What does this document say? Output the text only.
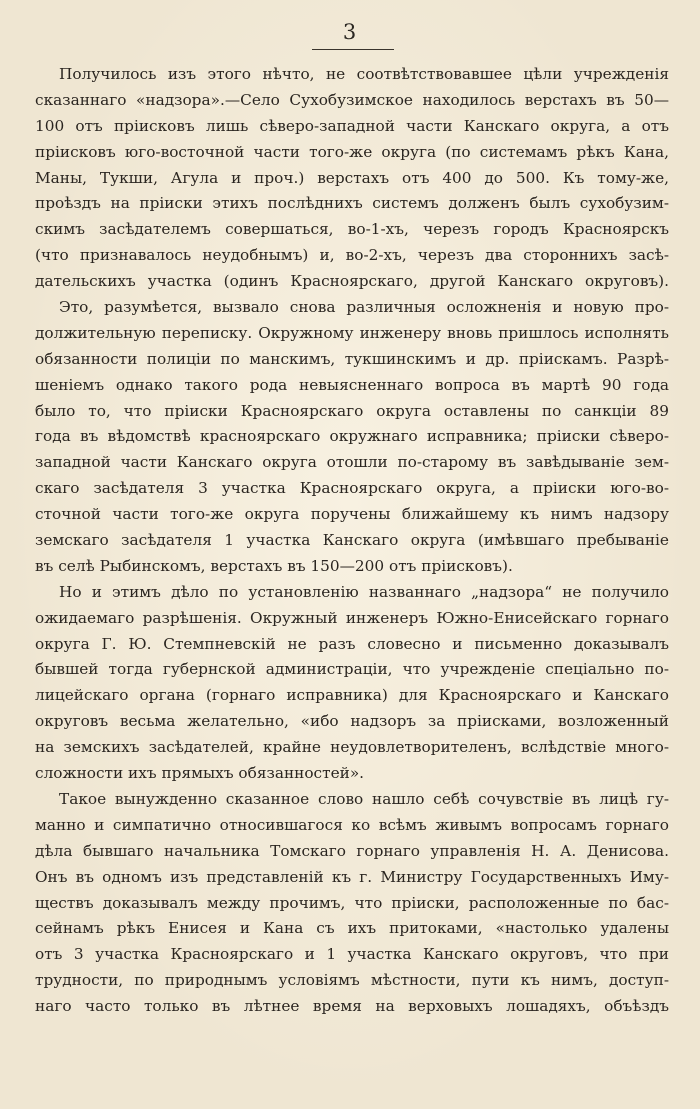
3
Получилось изъ этого нѣчто, не соотвѣтствовавшее цѣли учрежденія
сказаннаго «надзора».—Село Сухобузимское находилось верстахъ въ 50—
100 отъ пріисковъ лишь сѣверо-западной части Канскаго округа, а отъ
пріисковъ юго-восточной части того-же округа (по системамъ рѣкъ Кана,
Маны, Тукши, Агула и проч.) верстахъ отъ 400 до 500. Къ тому-же,
проѣздъ на пріиски этихъ послѣднихъ системъ долженъ былъ сухобузим-
скимъ засѣдателемъ совершаться, во-1-хъ, черезъ городъ Красноярскъ
(что признавалось неудобнымъ) и, во-2-хъ, черезъ два стороннихъ засѣ-
дательскихъ участка (одинъ Красноярскаго, другой Канскаго округовъ).
Это, разумѣется, вызвало снова различныя осложненія и новую про-
должительную переписку. Окружному инженеру вновь пришлось исполнять
обязанности полиціи по манскимъ, тукшинскимъ и др. пріискамъ. Разрѣ-
шеніемъ однако такого рода невыясненнаго вопроса въ мартѣ 90 года
было то, что пріиски Красноярскаго округа оставлены по санкціи 89
года въ вѣдомствѣ красноярскаго окружнаго исправника; пріиски сѣверо-
западной части Канскаго округа отошли по-старому въ завѣдываніе зем-
скаго засѣдателя 3 участка Красноярскаго округа, а пріиски юго-во-
сточной части того-же округа поручены ближайшему къ нимъ надзору
земскаго засѣдателя 1 участка Канскаго округа (имѣвшаго пребываніе
въ селѣ Рыбинскомъ, верстахъ въ 150—200 отъ пріисковъ).
Но и этимъ дѣло по установленію названнаго „надзора“ не получило
ожидаемаго разрѣшенія. Окружный инженеръ Южно-Енисейскаго горнаго
округа Г. Ю. Стемпневскій не разъ словесно и письменно доказывалъ
бывшей тогда губернской администраціи, что учрежденіе спеціально по-
лицейскаго органа (горнаго исправника) для Красноярскаго и Канскаго
округовъ весьма желательно, «ибо надзоръ за пріисками, возложенный
на земскихъ засѣдателей, крайне неудовлетворителенъ, вслѣдствіе много-
сложности ихъ прямыхъ обязанностей».
Такое вынужденно сказанное слово нашло себѣ сочувствіе въ лицѣ гу-
манно и симпатично относившагося ко всѣмъ живымъ вопросамъ горнаго
дѣла бывшаго начальника Томскаго горнаго управленія Н. А. Денисова.
Онъ въ одномъ изъ представленій къ г. Министру Государственныхъ Иму-
ществъ доказывалъ между прочимъ, что пріиски, расположенные по бас-
сейнамъ рѣкъ Енисея и Кана съ ихъ притоками, «настолько удалены
отъ 3 участка Красноярскаго и 1 участка Канскаго округовъ, что при
трудности, по природнымъ условіямъ мѣстности, пути къ нимъ, доступ-
наго часто только въ лѣтнее время на верховыхъ лошадяхъ, объѣздъ
